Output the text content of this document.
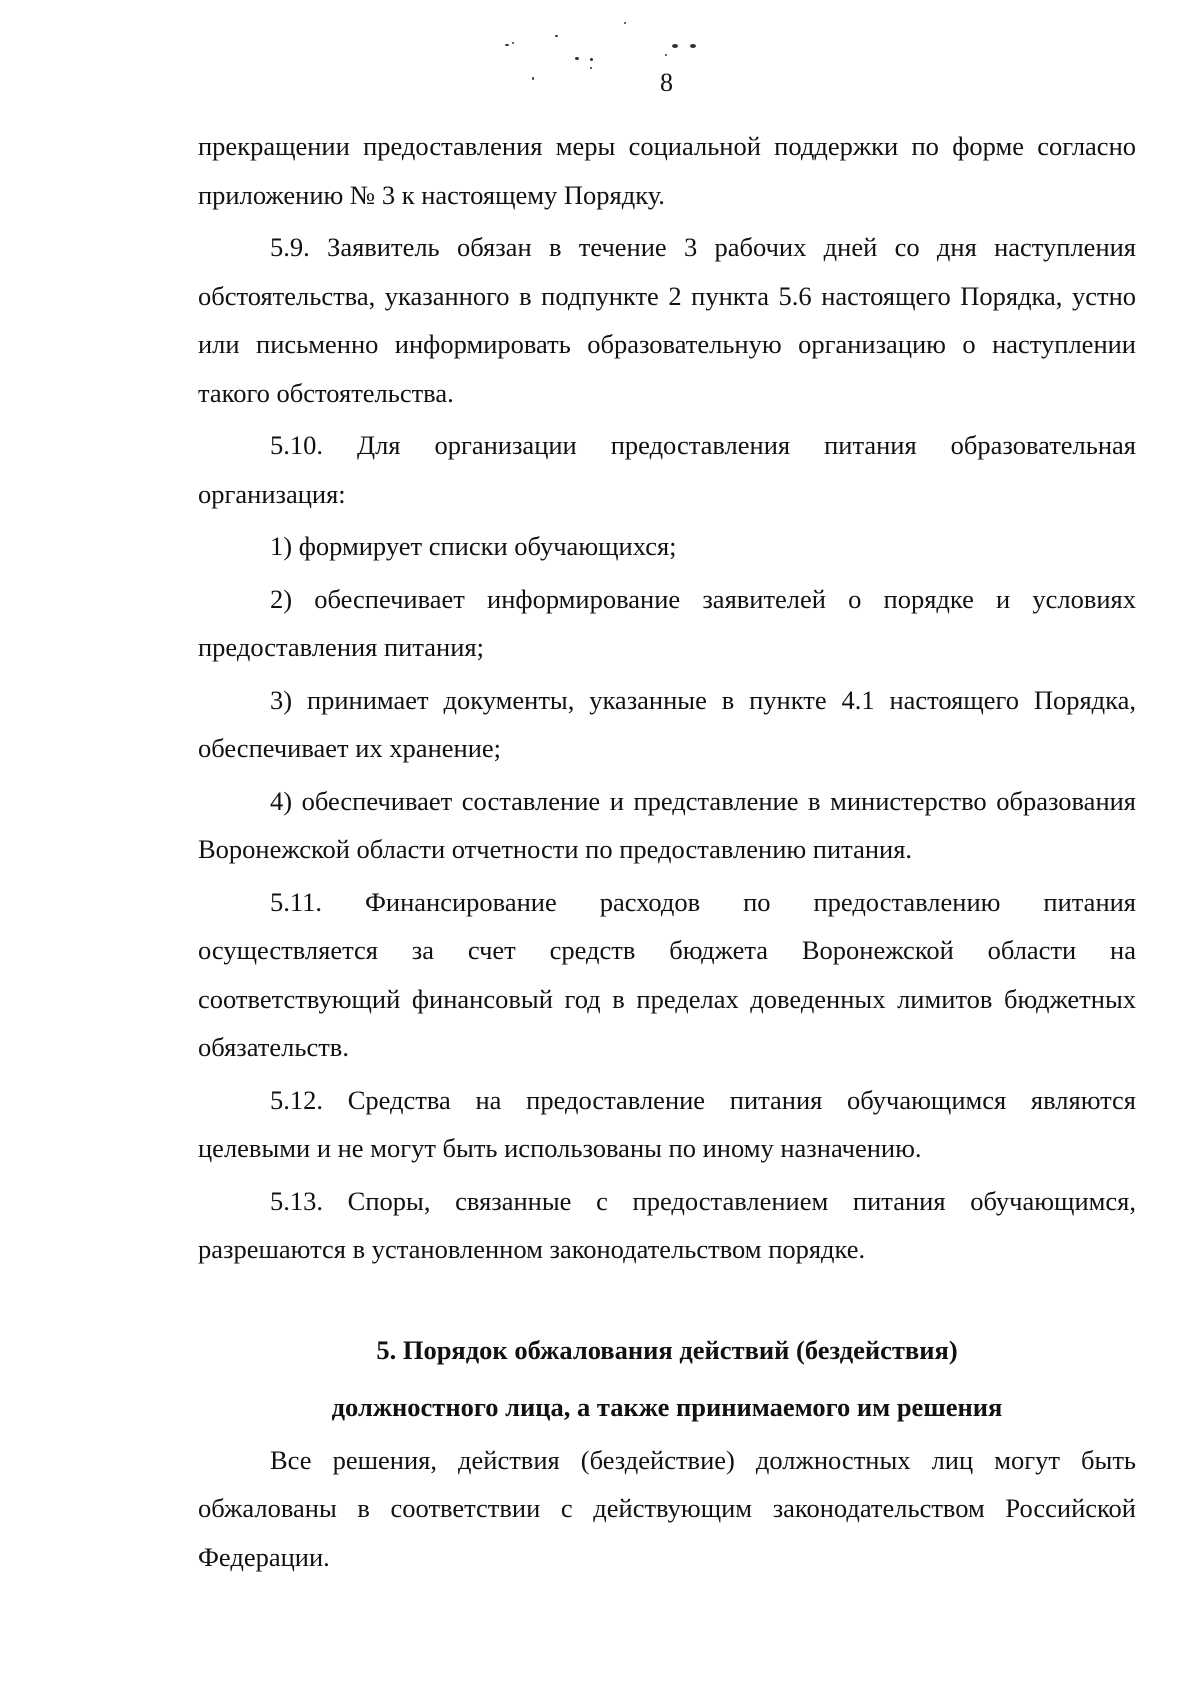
8

прекращении предоставления меры социальной поддержки по форме согласно приложению № 3 к настоящему Порядку.

5.9. Заявитель обязан в течение 3 рабочих дней со дня наступления обстоятельства, указанного в подпункте 2 пункта 5.6 настоящего Порядка, устно или письменно информировать образовательную организацию о наступлении такого обстоятельства.

5.10. Для организации предоставления питания образовательная организация:

1) формирует списки обучающихся;

2) обеспечивает информирование заявителей о порядке и условиях предоставления питания;

3) принимает документы, указанные в пункте 4.1 настоящего Порядка, обеспечивает их хранение;

4) обеспечивает составление и представление в министерство образования Воронежской области отчетности по предоставлению питания.

5.11. Финансирование расходов по предоставлению питания осуществляется за счет средств бюджета Воронежской области на соответствующий финансовый год в пределах доведенных лимитов бюджетных обязательств.

5.12. Средства на предоставление питания обучающимся являются целевыми и не могут быть использованы по иному назначению.

5.13. Споры, связанные с предоставлением питания обучающимся, разрешаются в установленном законодательством порядке.

5. Порядок обжалования действий (бездействия)

должностного лица, а также принимаемого им решения

Все решения, действия (бездействие) должностных лиц могут быть обжалованы в соответствии с действующим законодательством Российской Федерации.
